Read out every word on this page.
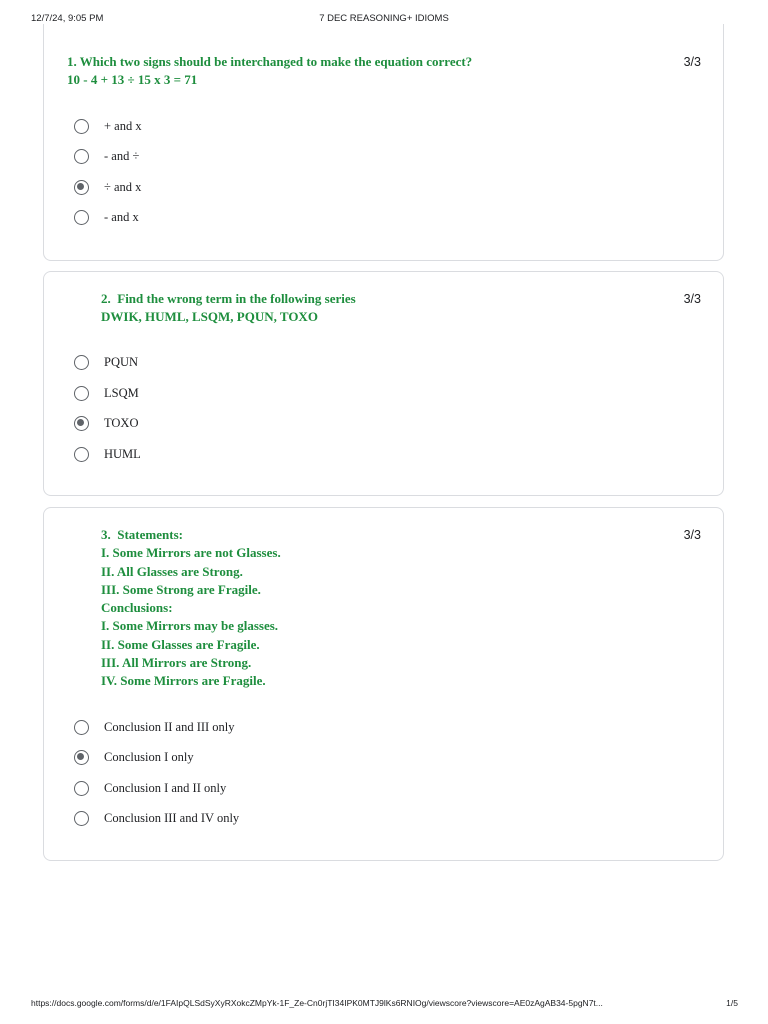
12/7/24, 9:05 PM	7 DEC REASONING+ IDIOMS
1. Which two signs should be interchanged to make the equation correct?
10 - 4 + 13 ÷ 15 x 3 = 71
3/3
+ and x
- and ÷
÷ and x
- and x
2.  Find the wrong term in the following series
DWIK, HUML, LSQM, PQUN, TOXO
3/3
PQUN
LSQM
TOXO
HUML
3.  Statements:
I. Some Mirrors are not Glasses.
II. All Glasses are Strong.
III. Some Strong are Fragile.
Conclusions:
I. Some Mirrors may be glasses.
II. Some Glasses are Fragile.
III. All Mirrors are Strong.
IV. Some Mirrors are Fragile.
3/3
Conclusion II and III only
Conclusion I only
Conclusion I and II only
Conclusion III and IV only
https://docs.google.com/forms/d/e/1FAIpQLSdSyXyRXokcZMpYk-1F_Ze-Cn0rjTI34IPK0MTJ9lKs6RNIOg/viewscore?viewscore=AE0zAgAB34-5pgN7t...	1/5
